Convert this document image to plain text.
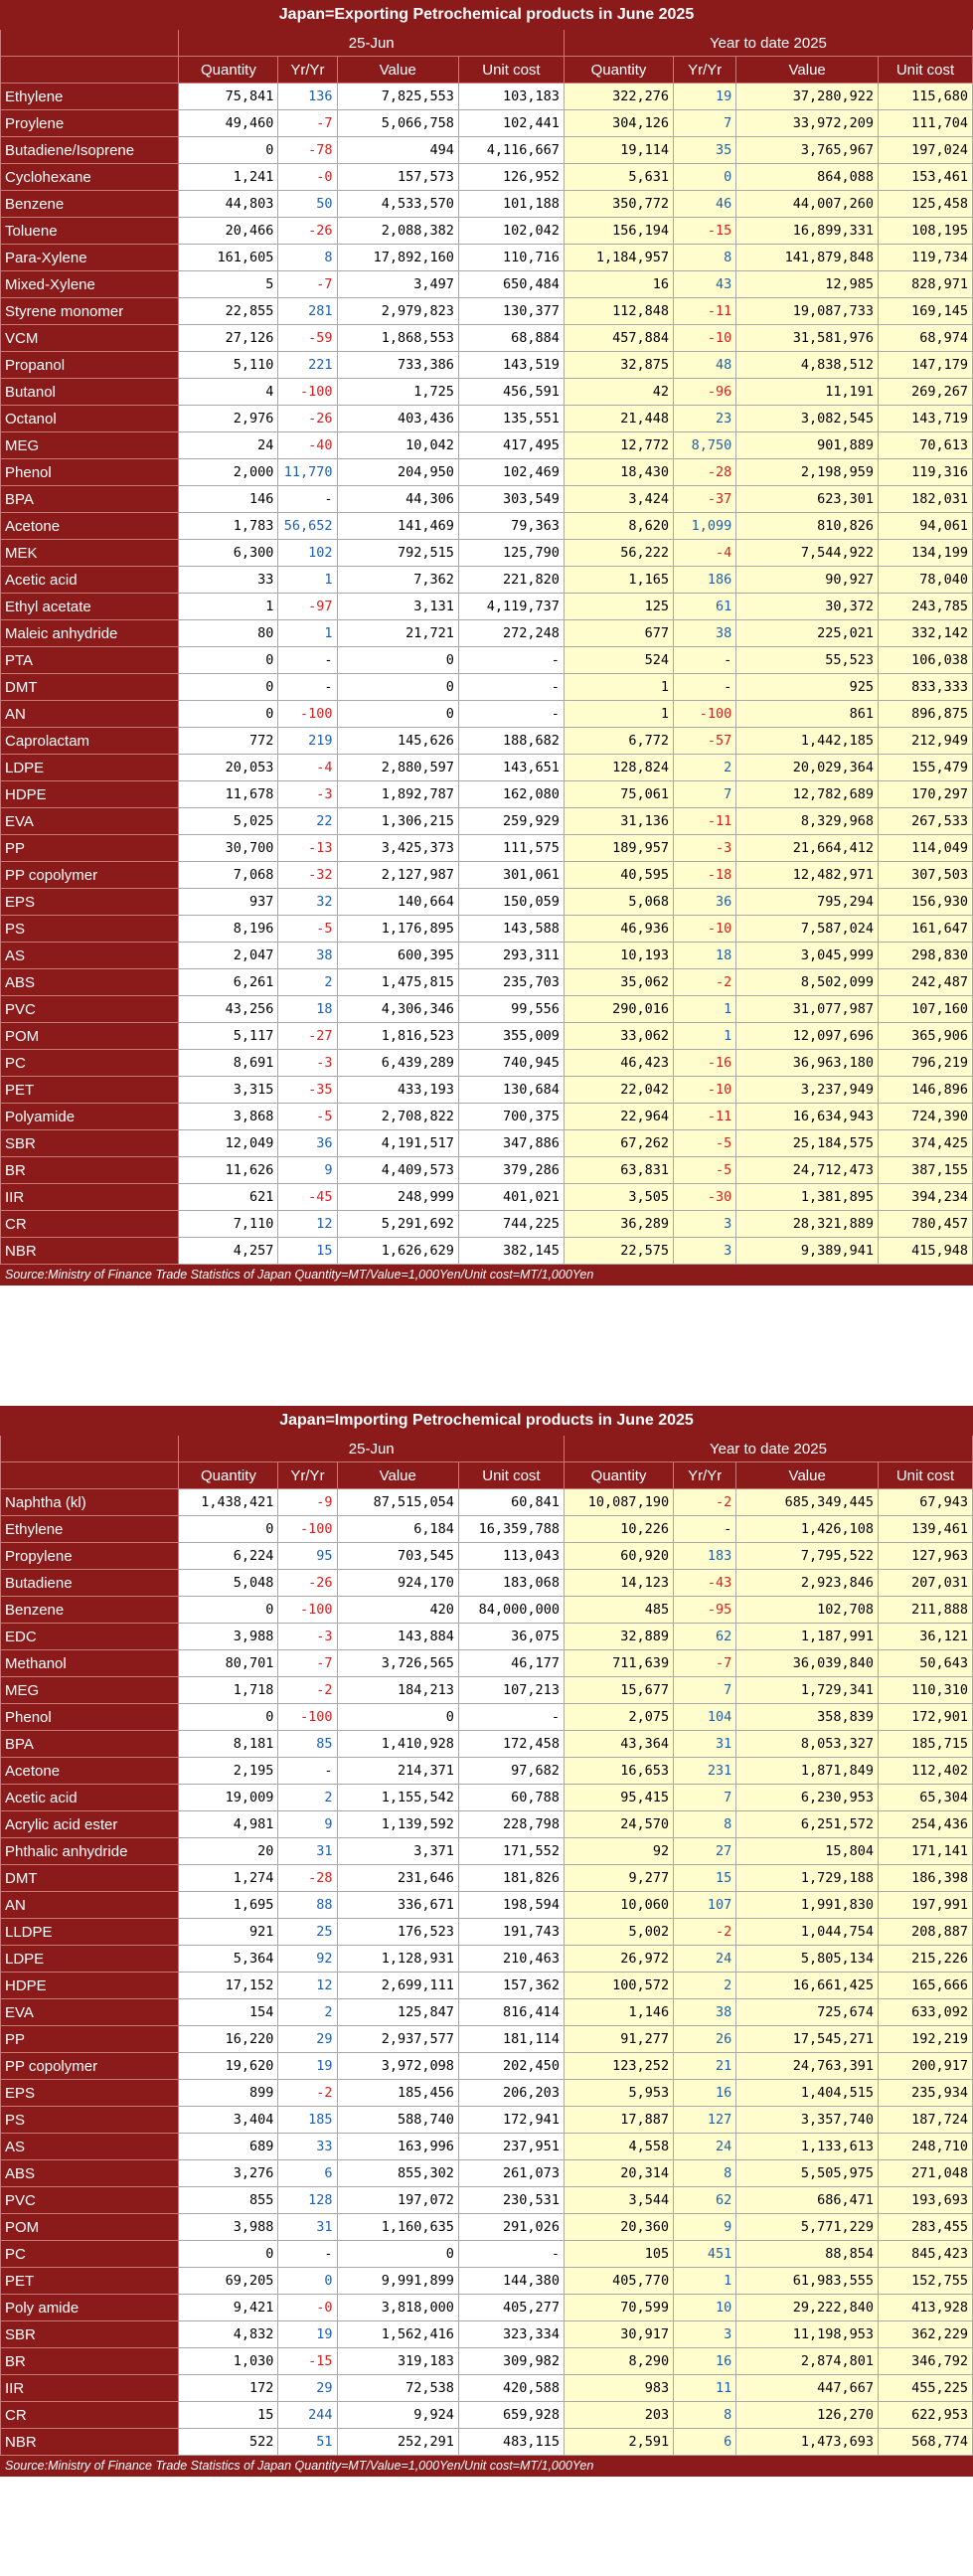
Japan=Exporting Petrochemical products in June 2025								
	25-Jun				Year to date 2025			
	Quantity	Yr/Yr	Value	Unit cost	Quantity	Yr/Yr	Value	Unit cost
Ethylene	75,841	136	7,825,553	103,183	322,276	19	37,280,922	115,680
Proylene	49,460	-7	5,066,758	102,441	304,126	7	33,972,209	111,704
Butadiene/Isoprene	0	-78	494	4,116,667	19,114	35	3,765,967	197,024
Cyclohexane	1,241	-0	157,573	126,952	5,631	0	864,088	153,461
Benzene	44,803	50	4,533,570	101,188	350,772	46	44,007,260	125,458
Toluene	20,466	-26	2,088,382	102,042	156,194	-15	16,899,331	108,195
Para-Xylene	161,605	8	17,892,160	110,716	1,184,957	8	141,879,848	119,734
Mixed-Xylene	5	-7	3,497	650,484	16	43	12,985	828,971
Styrene monomer	22,855	281	2,979,823	130,377	112,848	-11	19,087,733	169,145
VCM	27,126	-59	1,868,553	68,884	457,884	-10	31,581,976	68,974
Propanol	5,110	221	733,386	143,519	32,875	48	4,838,512	147,179
Butanol	4	-100	1,725	456,591	42	-96	11,191	269,267
Octanol	2,976	-26	403,436	135,551	21,448	23	3,082,545	143,719
MEG	24	-40	10,042	417,495	12,772	8,750	901,889	70,613
Phenol	2,000	11,770	204,950	102,469	18,430	-28	2,198,959	119,316
BPA	146	-	44,306	303,549	3,424	-37	623,301	182,031
Acetone	1,783	56,652	141,469	79,363	8,620	1,099	810,826	94,061
MEK	6,300	102	792,515	125,790	56,222	-4	7,544,922	134,199
Acetic acid	33	1	7,362	221,820	1,165	186	90,927	78,040
Ethyl acetate	1	-97	3,131	4,119,737	125	61	30,372	243,785
Maleic anhydride	80	1	21,721	272,248	677	38	225,021	332,142
PTA	0	-	0	-	524	-	55,523	106,038
DMT	0	-	0	-	1	-	925	833,333
AN	0	-100	0	-	1	-100	861	896,875
Caprolactam	772	219	145,626	188,682	6,772	-57	1,442,185	212,949
LDPE	20,053	-4	2,880,597	143,651	128,824	2	20,029,364	155,479
HDPE	11,678	-3	1,892,787	162,080	75,061	7	12,782,689	170,297
EVA	5,025	22	1,306,215	259,929	31,136	-11	8,329,968	267,533
PP	30,700	-13	3,425,373	111,575	189,957	-3	21,664,412	114,049
PP copolymer	7,068	-32	2,127,987	301,061	40,595	-18	12,482,971	307,503
EPS	937	32	140,664	150,059	5,068	36	795,294	156,930
PS	8,196	-5	1,176,895	143,588	46,936	-10	7,587,024	161,647
AS	2,047	38	600,395	293,311	10,193	18	3,045,999	298,830
ABS	6,261	2	1,475,815	235,703	35,062	-2	8,502,099	242,487
PVC	43,256	18	4,306,346	99,556	290,016	1	31,077,987	107,160
POM	5,117	-27	1,816,523	355,009	33,062	1	12,097,696	365,906
PC	8,691	-3	6,439,289	740,945	46,423	-16	36,963,180	796,219
PET	3,315	-35	433,193	130,684	22,042	-10	3,237,949	146,896
Polyamide	3,868	-5	2,708,822	700,375	22,964	-11	16,634,943	724,390
SBR	12,049	36	4,191,517	347,886	67,262	-5	25,184,575	374,425
BR	11,626	9	4,409,573	379,286	63,831	-5	24,712,473	387,155
IIR	621	-45	248,999	401,021	3,505	-30	1,381,895	394,234
CR	7,110	12	5,291,692	744,225	36,289	3	28,321,889	780,457
NBR	4,257	15	1,626,629	382,145	22,575	3	9,389,941	415,948
Source:Ministry of Finance Trade Statistics of Japan Quantity=MT/Value=1,000Yen/Unit cost=MT/1,000Yen								
Japan=Importing Petrochemical products in June 2025								
	25-Jun				Year to date 2025			
	Quantity	Yr/Yr	Value	Unit cost	Quantity	Yr/Yr	Value	Unit cost
Naphtha (kl)	1,438,421	-9	87,515,054	60,841	10,087,190	-2	685,349,445	67,943
Ethylene	0	-100	6,184	16,359,788	10,226	-	1,426,108	139,461
Propylene	6,224	95	703,545	113,043	60,920	183	7,795,522	127,963
Butadiene	5,048	-26	924,170	183,068	14,123	-43	2,923,846	207,031
Benzene	0	-100	420	84,000,000	485	-95	102,708	211,888
EDC	3,988	-3	143,884	36,075	32,889	62	1,187,991	36,121
Methanol	80,701	-7	3,726,565	46,177	711,639	-7	36,039,840	50,643
MEG	1,718	-2	184,213	107,213	15,677	7	1,729,341	110,310
Phenol	0	-100	0	-	2,075	104	358,839	172,901
BPA	8,181	85	1,410,928	172,458	43,364	31	8,053,327	185,715
Acetone	2,195	-	214,371	97,682	16,653	231	1,871,849	112,402
Acetic acid	19,009	2	1,155,542	60,788	95,415	7	6,230,953	65,304
Acrylic acid ester	4,981	9	1,139,592	228,798	24,570	8	6,251,572	254,436
Phthalic anhydride	20	31	3,371	171,552	92	27	15,804	171,141
DMT	1,274	-28	231,646	181,826	9,277	15	1,729,188	186,398
AN	1,695	88	336,671	198,594	10,060	107	1,991,830	197,991
LLDPE	921	25	176,523	191,743	5,002	-2	1,044,754	208,887
LDPE	5,364	92	1,128,931	210,463	26,972	24	5,805,134	215,226
HDPE	17,152	12	2,699,111	157,362	100,572	2	16,661,425	165,666
EVA	154	2	125,847	816,414	1,146	38	725,674	633,092
PP	16,220	29	2,937,577	181,114	91,277	26	17,545,271	192,219
PP copolymer	19,620	19	3,972,098	202,450	123,252	21	24,763,391	200,917
EPS	899	-2	185,456	206,203	5,953	16	1,404,515	235,934
PS	3,404	185	588,740	172,941	17,887	127	3,357,740	187,724
AS	689	33	163,996	237,951	4,558	24	1,133,613	248,710
ABS	3,276	6	855,302	261,073	20,314	8	5,505,975	271,048
PVC	855	128	197,072	230,531	3,544	62	686,471	193,693
POM	3,988	31	1,160,635	291,026	20,360	9	5,771,229	283,455
PC	0	-	0	-	105	451	88,854	845,423
PET	69,205	0	9,991,899	144,380	405,770	1	61,983,555	152,755
Poly amide	9,421	-0	3,818,000	405,277	70,599	10	29,222,840	413,928
SBR	4,832	19	1,562,416	323,334	30,917	3	11,198,953	362,229
BR	1,030	-15	319,183	309,982	8,290	16	2,874,801	346,792
IIR	172	29	72,538	420,588	983	11	447,667	455,225
CR	15	244	9,924	659,928	203	8	126,270	622,953
NBR	522	51	252,291	483,115	2,591	6	1,473,693	568,774
Source:Ministry of Finance Trade Statistics of Japan Quantity=MT/Value=1,000Yen/Unit cost=MT/1,000Yen								
